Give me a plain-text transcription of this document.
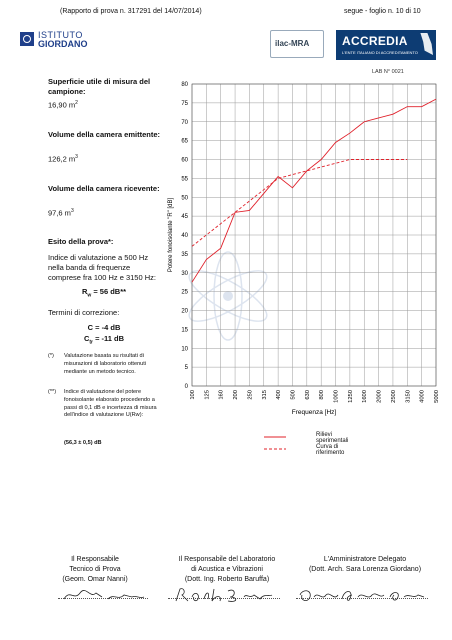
(Rapporto di prova n. 317291 del 14/07/2014)	segue - foglio n. 10 di 10
ISTITUTO
GIORDANO	ilac-MRA	ACCREDIA
L'ENTE ITALIANO DI ACCREDITAMENTO
LAB N° 0021
Superficie utile di misura del campione:
16,90 $m^2$
Volume della camera emittente:
126,2 $m^3$
Volume della camera ricevente:
97,6 $m^3$
Esito della prova*:
Indice di valutazione a 500 Hz nella banda di frequenze comprese fra 100 Hz e 3150 Hz:
$R_w = 56$ dB**
Termini di correzione:
C = -4 dB
$C_{tr} = -11$ dB
(*) Valutazione basata su risultati di misurazioni di laboratorio ottenuti mediante un metodo tecnico.
(**) Indice di valutazione del potere fonoisolante elaborato procedendo a passi di 0,1 dB e incertezza di misura dell'indice di valutazione U(Rw):
(56,3 ± 0,5) dB
0
5
10
15
20
25
30
35
40
45
50
55
60
65
70
75
80
100 125 160 200 250 315 400 500 630 800 1000 1250 1600 2000 2500 3150 4000 5000
Potere fonoisolante "R" [dB]
Frequenza [Hz]
Rilievi sperimentali
Curva di riferimento
Il Responsabile
Tecnico di Prova
(Geom. Omar Nanni)
Il Responsabile del Laboratorio
di Acustica e Vibrazioni
(Dott. Ing. Roberto Baruffa)
L'Amministratore Delegato
(Dott. Arch. Sara Lorenza Giordano)
